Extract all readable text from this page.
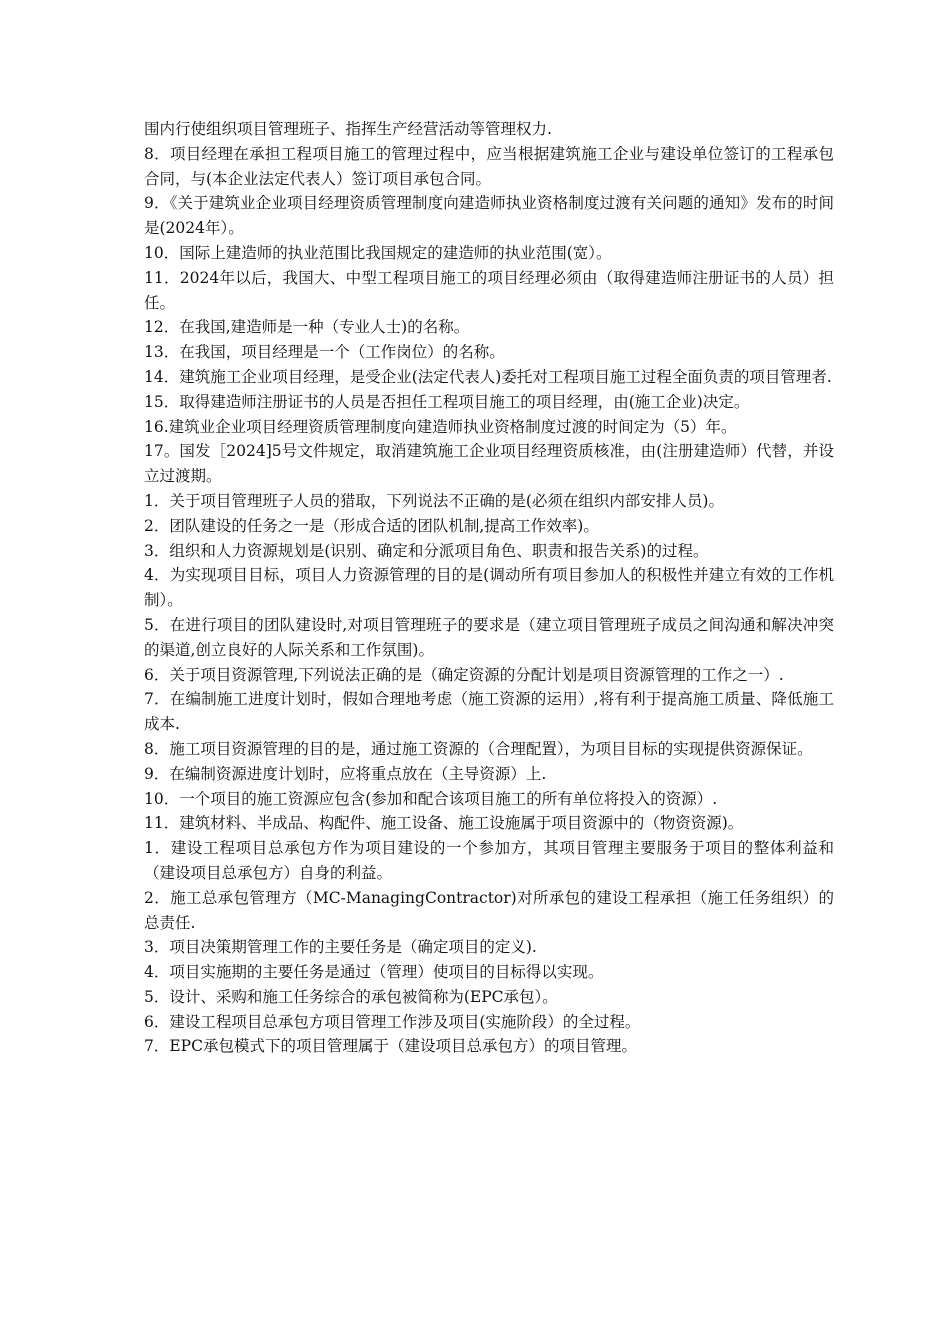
围内行使组织项目管理班子、指挥生产经营活动等管理权力.

8．项目经理在承担工程项目施工的管理过程中，应当根据建筑施工企业与建设单位签订的工程承包合同，与(本企业法定代表人）签订项目承包合同。

9．《关于建筑业企业项目经理资质管理制度向建造师执业资格制度过渡有关问题的通知》发布的时间是(2024年）。

10．国际上建造师的执业范围比我国规定的建造师的执业范围(宽）。

11．2024年以后，我国大、中型工程项目施工的项目经理必须由（取得建造师注册证书的人员）担任。

12．在我国,建造师是一种（专业人士)的名称。

13．在我国，项目经理是一个（工作岗位）的名称。

14．建筑施工企业项目经理，是受企业(法定代表人)委托对工程项目施工过程全面负责的项目管理者.

15．取得建造师注册证书的人员是否担任工程项目施工的项目经理，由(施工企业)决定。

16.建筑业企业项目经理资质管理制度向建造师执业资格制度过渡的时间定为（5）年。

17。国发［2024]5号文件规定，取消建筑施工企业项目经理资质核准，由(注册建造师）代替，并设立过渡期。

1．关于项目管理班子人员的猎取，下列说法不正确的是(必须在组织内部安排人员)。

2．团队建设的任务之一是（形成合适的团队机制,提高工作效率)。

3．组织和人力资源规划是(识别、确定和分派项目角色、职责和报告关系)的过程。

4．为实现项目目标，项目人力资源管理的目的是(调动所有项目参加人的积极性并建立有效的工作机制）。

5．在进行项目的团队建设时,对项目管理班子的要求是（建立项目管理班子成员之间沟通和解决冲突的渠道,创立良好的人际关系和工作氛围)。

6．关于项目资源管理,下列说法正确的是（确定资源的分配计划是项目资源管理的工作之一）.

7．在编制施工进度计划时，假如合理地考虑（施工资源的运用）,将有利于提高施工质量、降低施工成本.

8．施工项目资源管理的目的是，通过施工资源的（合理配置），为项目目标的实现提供资源保证。

9．在编制资源进度计划时，应将重点放在（主导资源）上.

10．一个项目的施工资源应包含(参加和配合该项目施工的所有单位将投入的资源）.

11．建筑材料、半成品、构配件、施工设备、施工设施属于项目资源中的（物资资源)。

1．建设工程项目总承包方作为项目建设的一个参加方，其项目管理主要服务于项目的整体利益和（建设项目总承包方）自身的利益。

2．施工总承包管理方（MC-ManagingContractor)对所承包的建设工程承担（施工任务组织）的总责任.

3．项目决策期管理工作的主要任务是（确定项目的定义).

4．项目实施期的主要任务是通过（管理）使项目的目标得以实现。

5．设计、采购和施工任务综合的承包被简称为(EPC承包）。

6．建设工程项目总承包方项目管理工作涉及项目(实施阶段）的全过程。

7．EPC承包模式下的项目管理属于（建设项目总承包方）的项目管理。
